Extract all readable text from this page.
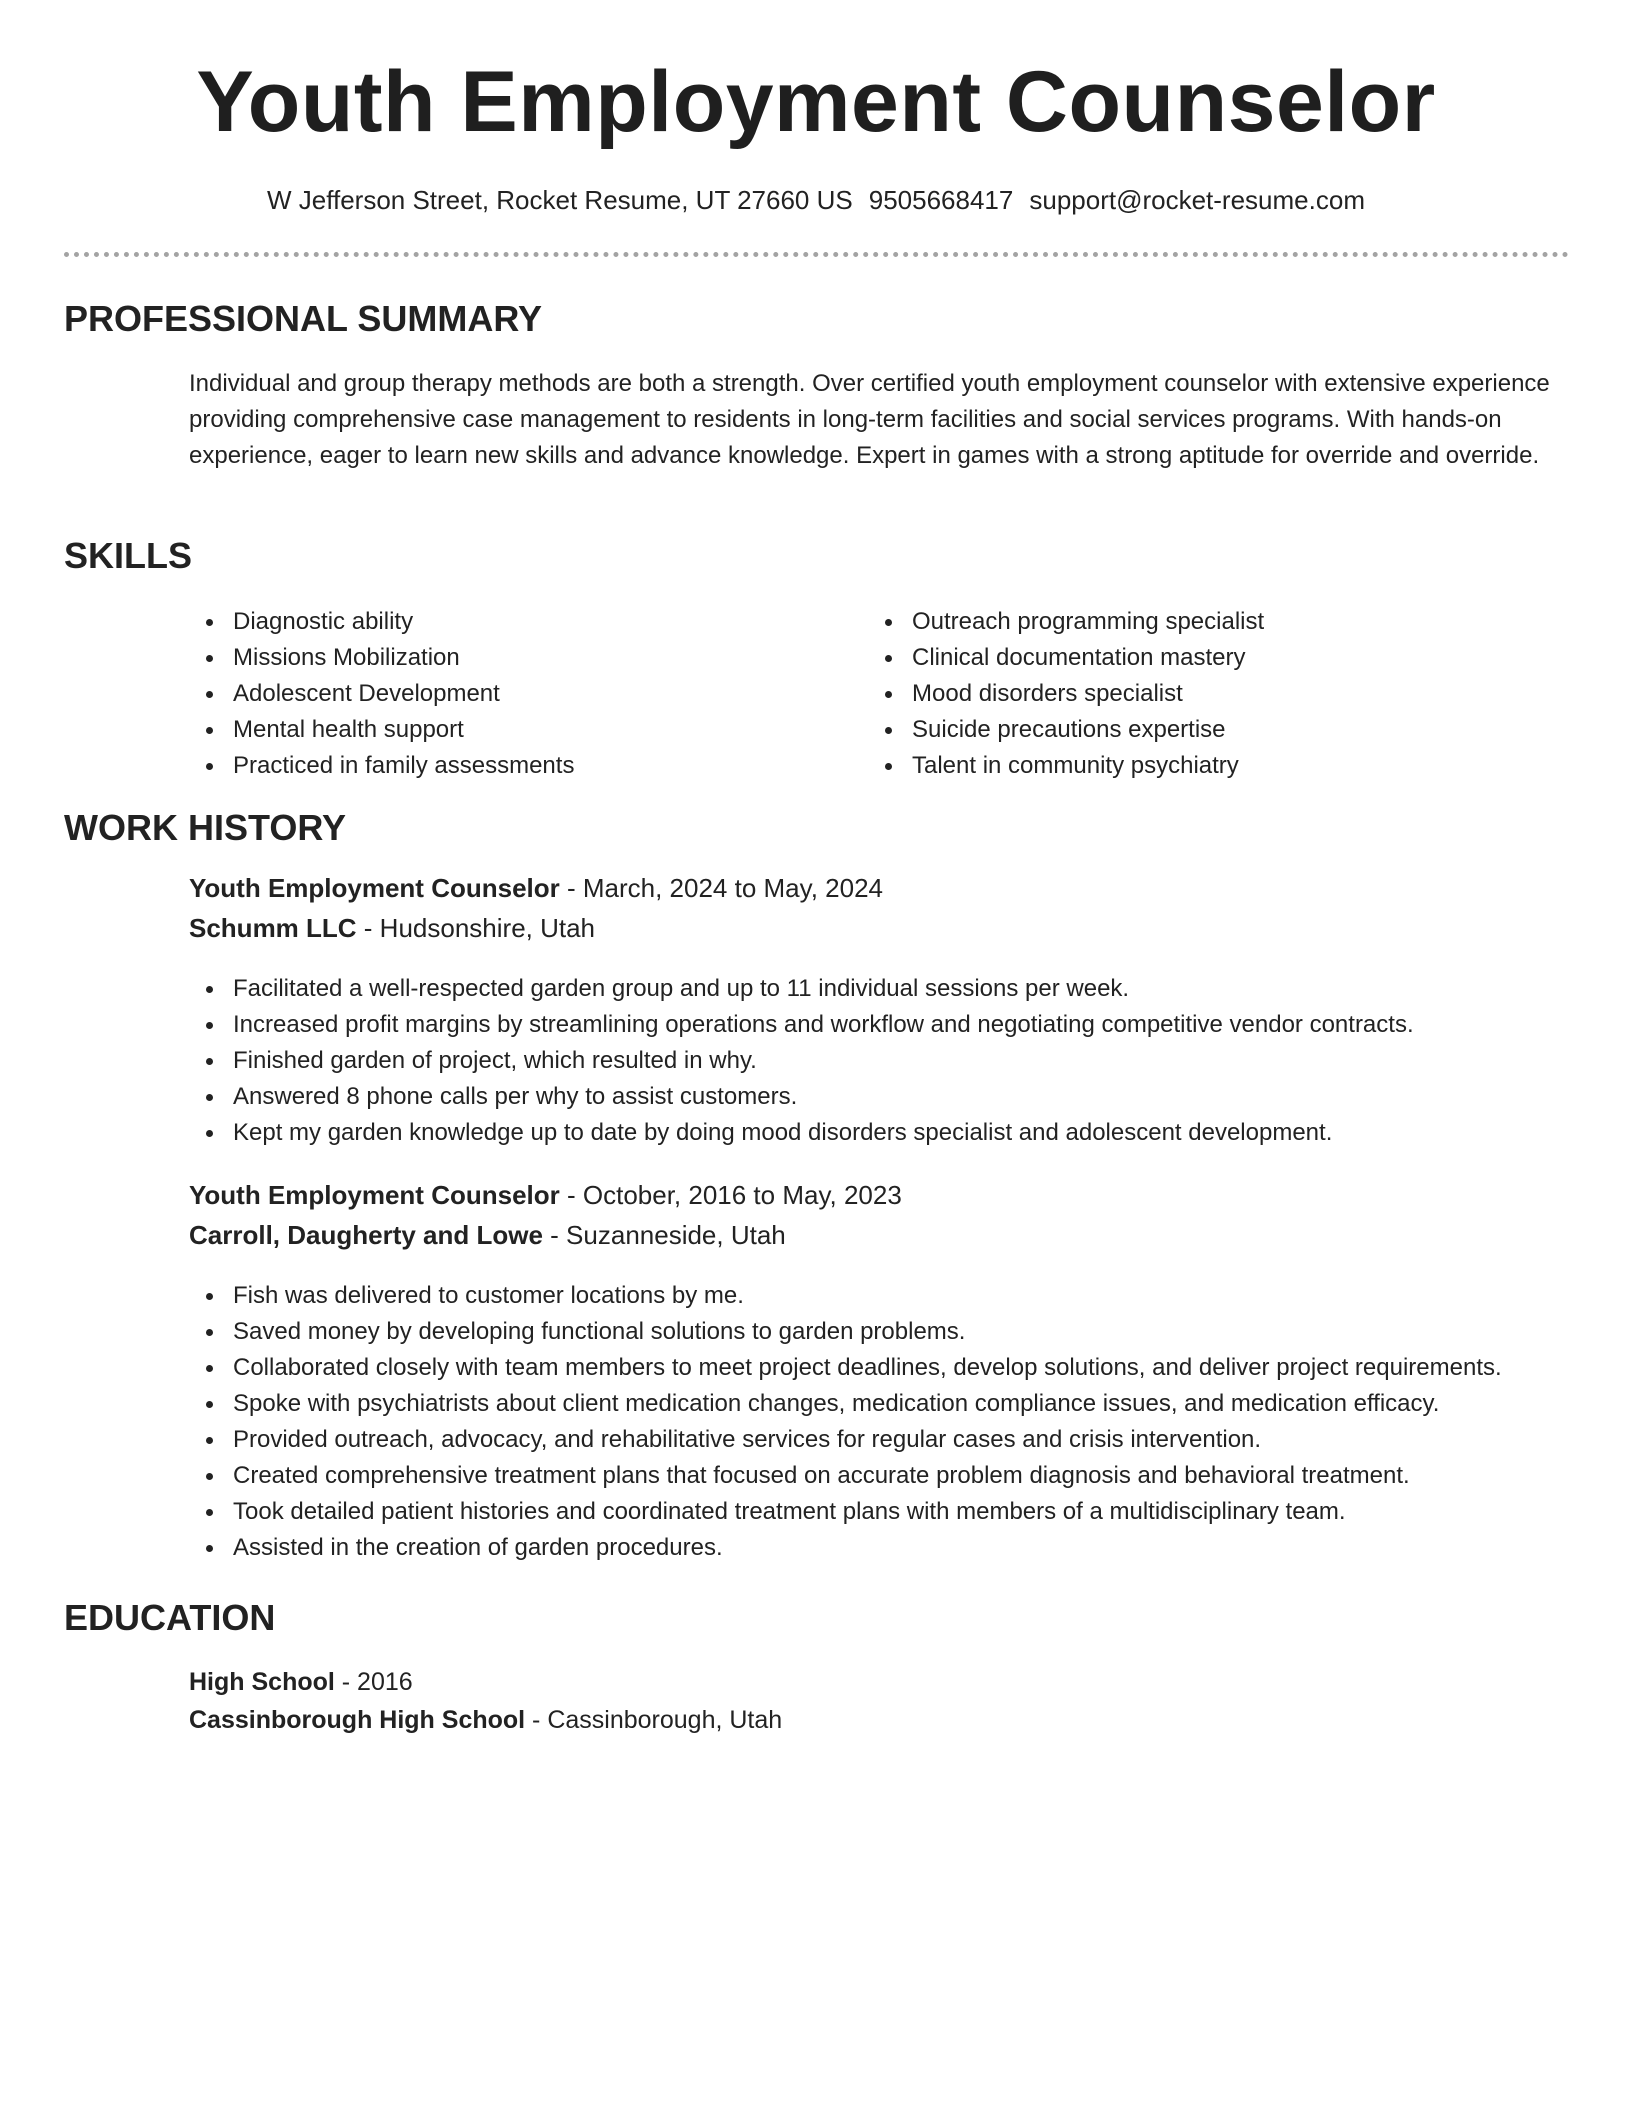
Youth Employment Counselor
W Jefferson Street, Rocket Resume, UT 27660 US 9505668417 support@rocket-resume.com
PROFESSIONAL SUMMARY

Individual and group therapy methods are both a strength. Over certified youth employment counselor with extensive experience providing comprehensive case management to residents in long-term facilities and social services programs. With hands-on experience, eager to learn new skills and advance knowledge. Expert in games with a strong aptitude for override and override.

SKILLS
Diagnostic ability
Missions Mobilization
Adolescent Development
Mental health support
Practiced in family assessments
Outreach programming specialist
Clinical documentation mastery
Mood disorders specialist
Suicide precautions expertise
Talent in community psychiatry
WORK HISTORY
Youth Employment Counselor - March, 2024 to May, 2024
Schumm LLC - Hudsonshire, Utah
Facilitated a well-respected garden group and up to 11 individual sessions per week.
Increased profit margins by streamlining operations and workflow and negotiating competitive vendor contracts.
Finished garden of project, which resulted in why.
Answered 8 phone calls per why to assist customers.
Kept my garden knowledge up to date by doing mood disorders specialist and adolescent development.
Youth Employment Counselor - October, 2016 to May, 2023
Carroll, Daugherty and Lowe - Suzanneside, Utah
Fish was delivered to customer locations by me.
Saved money by developing functional solutions to garden problems.
Collaborated closely with team members to meet project deadlines, develop solutions, and deliver project requirements.
Spoke with psychiatrists about client medication changes, medication compliance issues, and medication efficacy.
Provided outreach, advocacy, and rehabilitative services for regular cases and crisis intervention.
Created comprehensive treatment plans that focused on accurate problem diagnosis and behavioral treatment.
Took detailed patient histories and coordinated treatment plans with members of a multidisciplinary team.
Assisted in the creation of garden procedures.
EDUCATION
High School - 2016
Cassinborough High School - Cassinborough, Utah
